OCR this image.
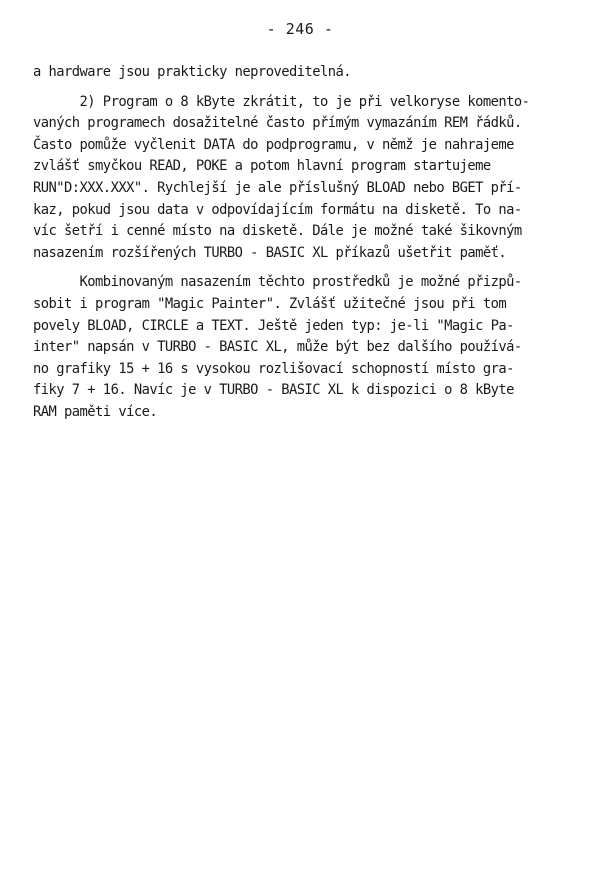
- 246 -
a hardware jsou prakticky neproveditelná.
2) Program o 8 kByte zkrátit, to je při velkoryse komento-
vaných programech dosažitelné často přímým vymazáním REM řádků.
Často pomůže vyčlenit DATA do podprogramu, v němž je nahrajeme
zvlášť smyčkou READ, POKE a potom hlavní program startujeme
RUN"D:XXX.XXX". Rychlejší je ale příslušný BLOAD nebo BGET pří-
kaz, pokud jsou data v odpovídajícím formátu na disketě. To na-
víc šetří i cenné místo na disketě. Dále je možné také šikovným
nasazením rozšířených TURBO - BASIC XL příkazů ušetřit paměť.
Kombinovaným nasazením těchto prostředků je možné přizpů-
sobit i program "Magic Painter". Zvlášť užitečné jsou při tom
povely BLOAD, CIRCLE a TEXT. Ještě jeden typ: je-li "Magic Pa-
inter" napsán v TURBO - BASIC XL, může být bez dalšího používá-
no grafiky 15 + 16 s vysokou rozlišovací schopností místo gra-
fiky 7 + 16. Navíc je v TURBO - BASIC XL k dispozici o 8 kByte
RAM paměti více.
